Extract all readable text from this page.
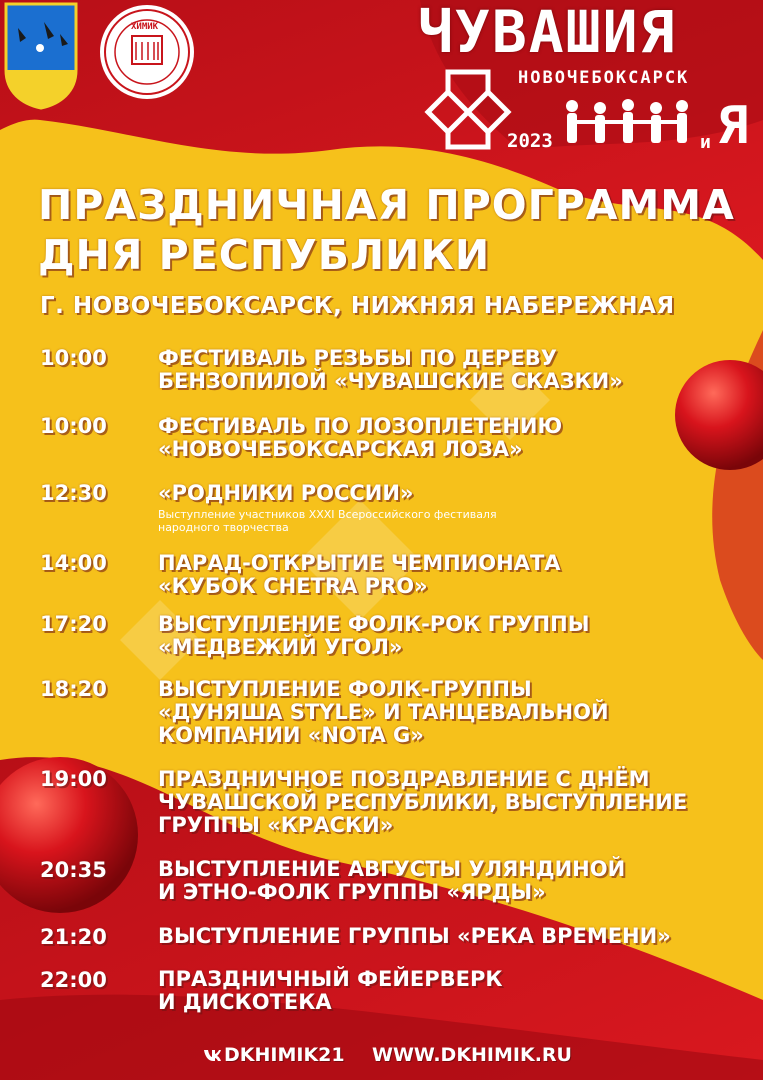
ХИМИК	ЧУВАШИЯ
НОВОЧЕБОКСАРСК
2023	и Я
ПРАЗДНИЧНАЯ ПРОГРАММА
ДНЯ РЕСПУБЛИКИ
Г. НОВОЧЕБОКСАРСК, НИЖНЯЯ НАБЕРЕЖНАЯ
10:00 ФЕСТИВАЛЬ РЕЗЬБЫ ПО ДЕРЕВУ
БЕНЗОПИЛОЙ «ЧУВАШСКИЕ СКАЗКИ»
10:00 ФЕСТИВАЛЬ ПО ЛОЗОПЛЕТЕНИЮ
«НОВОЧЕБОКСАРСКАЯ ЛОЗА»
12:30 «РОДНИКИ РОССИИ»
Выступление участников XXXI Всероссийского фестиваля
народного творчества
14:00 ПАРАД-ОТКРЫТИЕ ЧЕМПИОНАТА
«КУБОК CHETRA PRO»
17:20 ВЫСТУПЛЕНИЕ ФОЛК-РОК ГРУППЫ
«МЕДВЕЖИЙ УГОЛ»
18:20 ВЫСТУПЛЕНИЕ ФОЛК-ГРУППЫ
«ДУНЯША STYLE» И ТАНЦЕВАЛЬНОЙ
КОМПАНИИ «NOTA G»
19:00 ПРАЗДНИЧНОЕ ПОЗДРАВЛЕНИЕ С ДНЁМ
ЧУВАШСКОЙ РЕСПУБЛИКИ, ВЫСТУПЛЕНИЕ
ГРУППЫ «КРАСКИ»
20:35 ВЫСТУПЛЕНИЕ АВГУСТЫ УЛЯНДИНОЙ
И ЭТНО-ФОЛК ГРУППЫ «ЯРДЫ»
21:20 ВЫСТУПЛЕНИЕ ГРУППЫ «РЕКА ВРЕМЕНИ»
22:00 ПРАЗДНИЧНЫЙ ФЕЙЕРВЕРК
И ДИСКОТЕКА
DKHIMIK21 WWW.DKHIMIK.RU
